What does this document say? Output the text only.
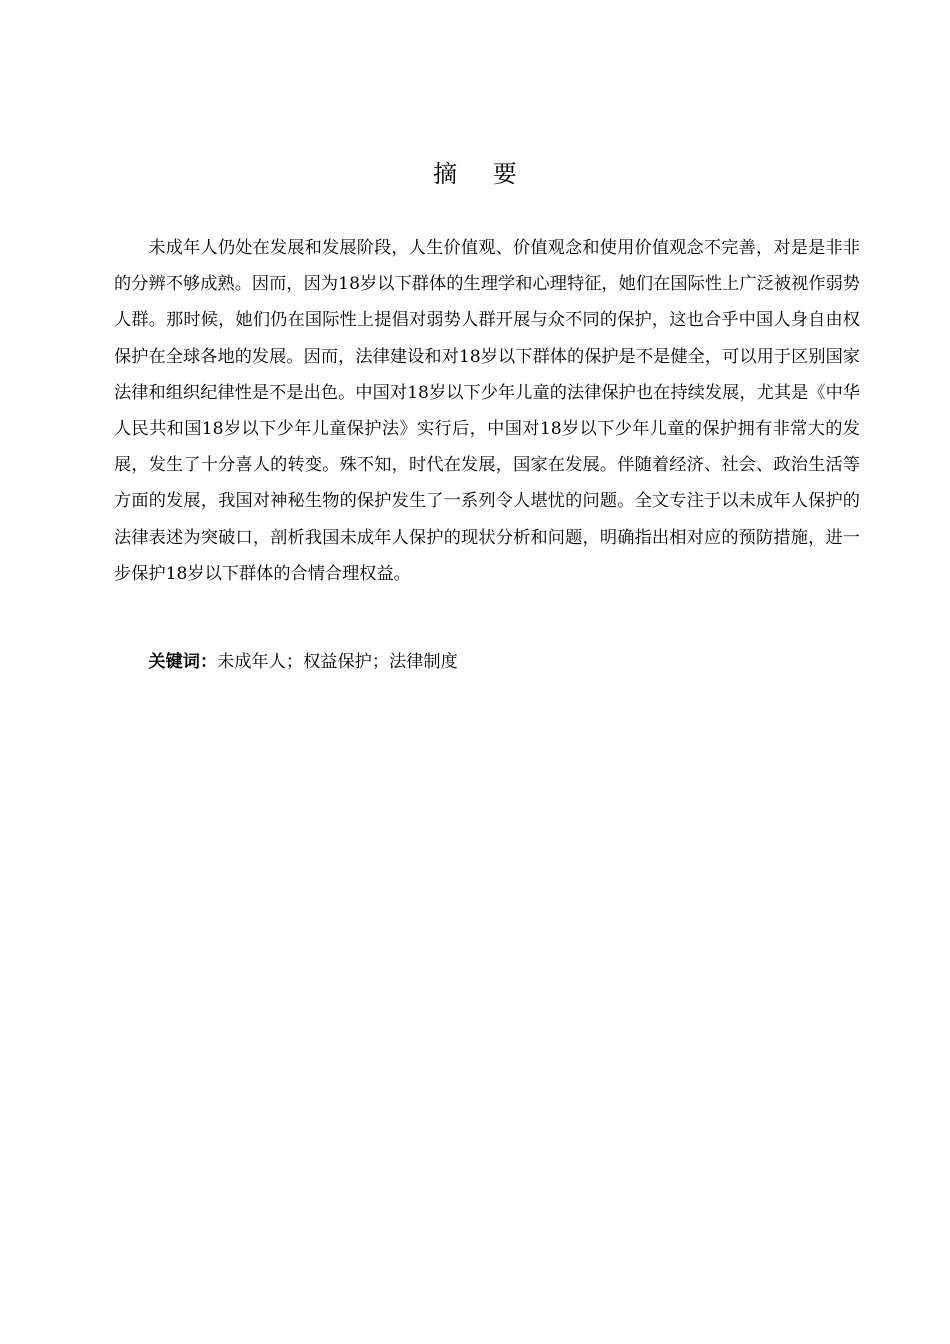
摘 要

未成年人仍处在发展和发展阶段，人生价值观、价值观念和使用价值观念不完善，对是是非非的分辨不够成熟。因而，因为18岁以下群体的生理学和心理特征，她们在国际性上广泛被视作弱势人群。那时候，她们仍在国际性上提倡对弱势人群开展与众不同的保护，这也合乎中国人身自由权保护在全球各地的发展。因而，法律建设和对18岁以下群体的保护是不是健全，可以用于区别国家法律和组织纪律性是不是出色。中国对18岁以下少年儿童的法律保护也在持续发展，尤其是《中华人民共和国18岁以下少年儿童保护法》实行后，中国对18岁以下少年儿童的保护拥有非常大的发展，发生了十分喜人的转变。殊不知，时代在发展，国家在发展。伴随着经济、社会、政治生活等方面的发展，我国对神秘生物的保护发生了一系列令人堪忧的问题。全文专注于以未成年人保护的法律表述为突破口，剖析我国未成年人保护的现状分析和问题，明确指出相对应的预防措施，进一步保护18岁以下群体的合情合理权益。

关键词：未成年人；权益保护；法律制度
